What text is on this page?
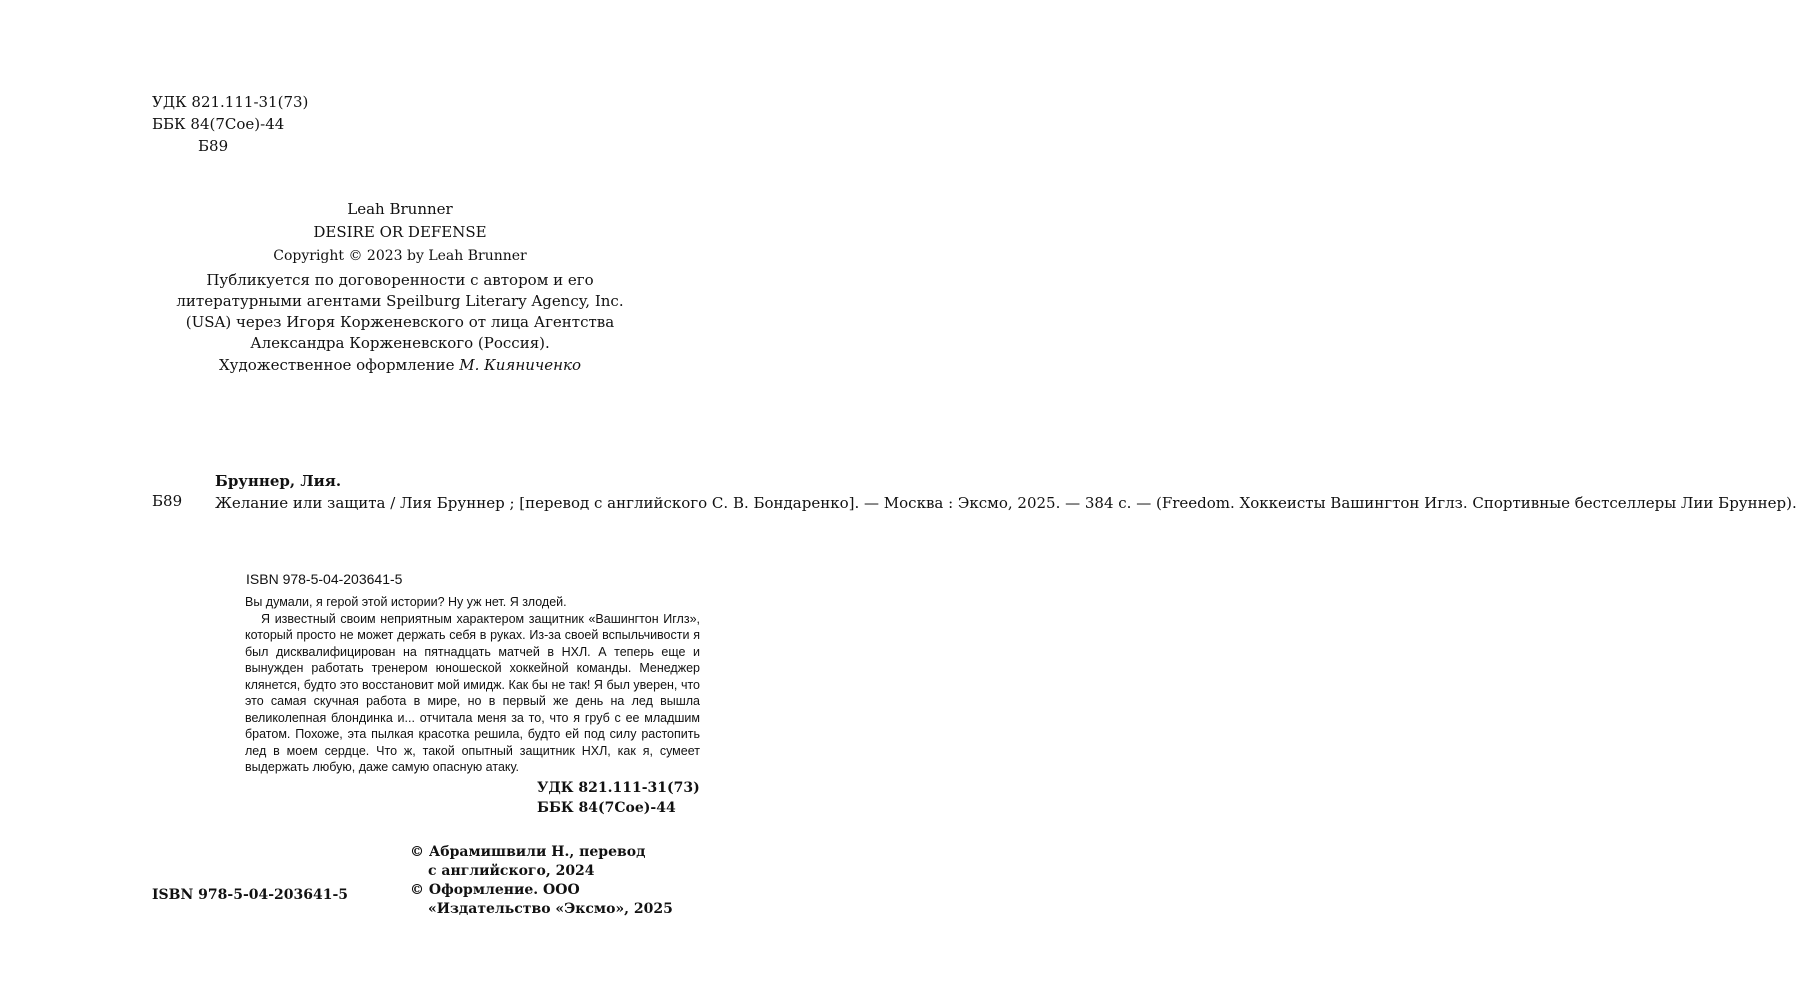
УДК 821.111-31(73)
ББК 84(7Сое)-44
Б89
Leah Brunner
DESIRE OR DEFENSE
Copyright © 2023 by Leah Brunner
Публикуется по договоренности с автором и его
литературными агентами Speilburg Literary Agency, Inc.
(USA) через Игоря Корженевского от лица Агентства
Александра Корженевского (Россия).
Художественное оформление М. Кияниченко
Б89
Бруннер, Лия.
Желание или защита / Лия Бруннер ; [перевод с английского С. В. Бондаренко]. — Москва : Эксмо, 2025. — 384 с. — (Freedom. Хоккеисты Вашингтон Иглз. Спортивные бестселлеры Лии Бруннер).
ISBN 978-5-04-203641-5

Вы думали, я герой этой истории? Ну уж нет. Я злодей.

Я известный своим неприятным характером защитник «Вашингтон Иглз», который просто не может держать себя в руках. Из-за своей вспыльчивости я был дисквалифицирован на пятнадцать матчей в НХЛ. А теперь еще и вынужден работать тренером юношеской хоккейной команды. Менеджер клянется, будто это восстановит мой имидж. Как бы не так! Я был уверен, что это самая скучная работа в мире, но в первый же день на лед вышла великолепная блондинка и... отчитала меня за то, что я груб с ее младшим братом. Похоже, эта пылкая красотка решила, будто ей под силу растопить лед в моем сердце. Что ж, такой опытный защитник НХЛ, как я, сумеет выдержать любую, даже самую опасную атаку.

УДК 821.111-31(73)
ББК 84(7Сое)-44
© Абрамишвили Н., перевод
с английского, 2024
© Оформление. ООО
«Издательство «Эксмо», 2025
ISBN 978-5-04-203641-5
